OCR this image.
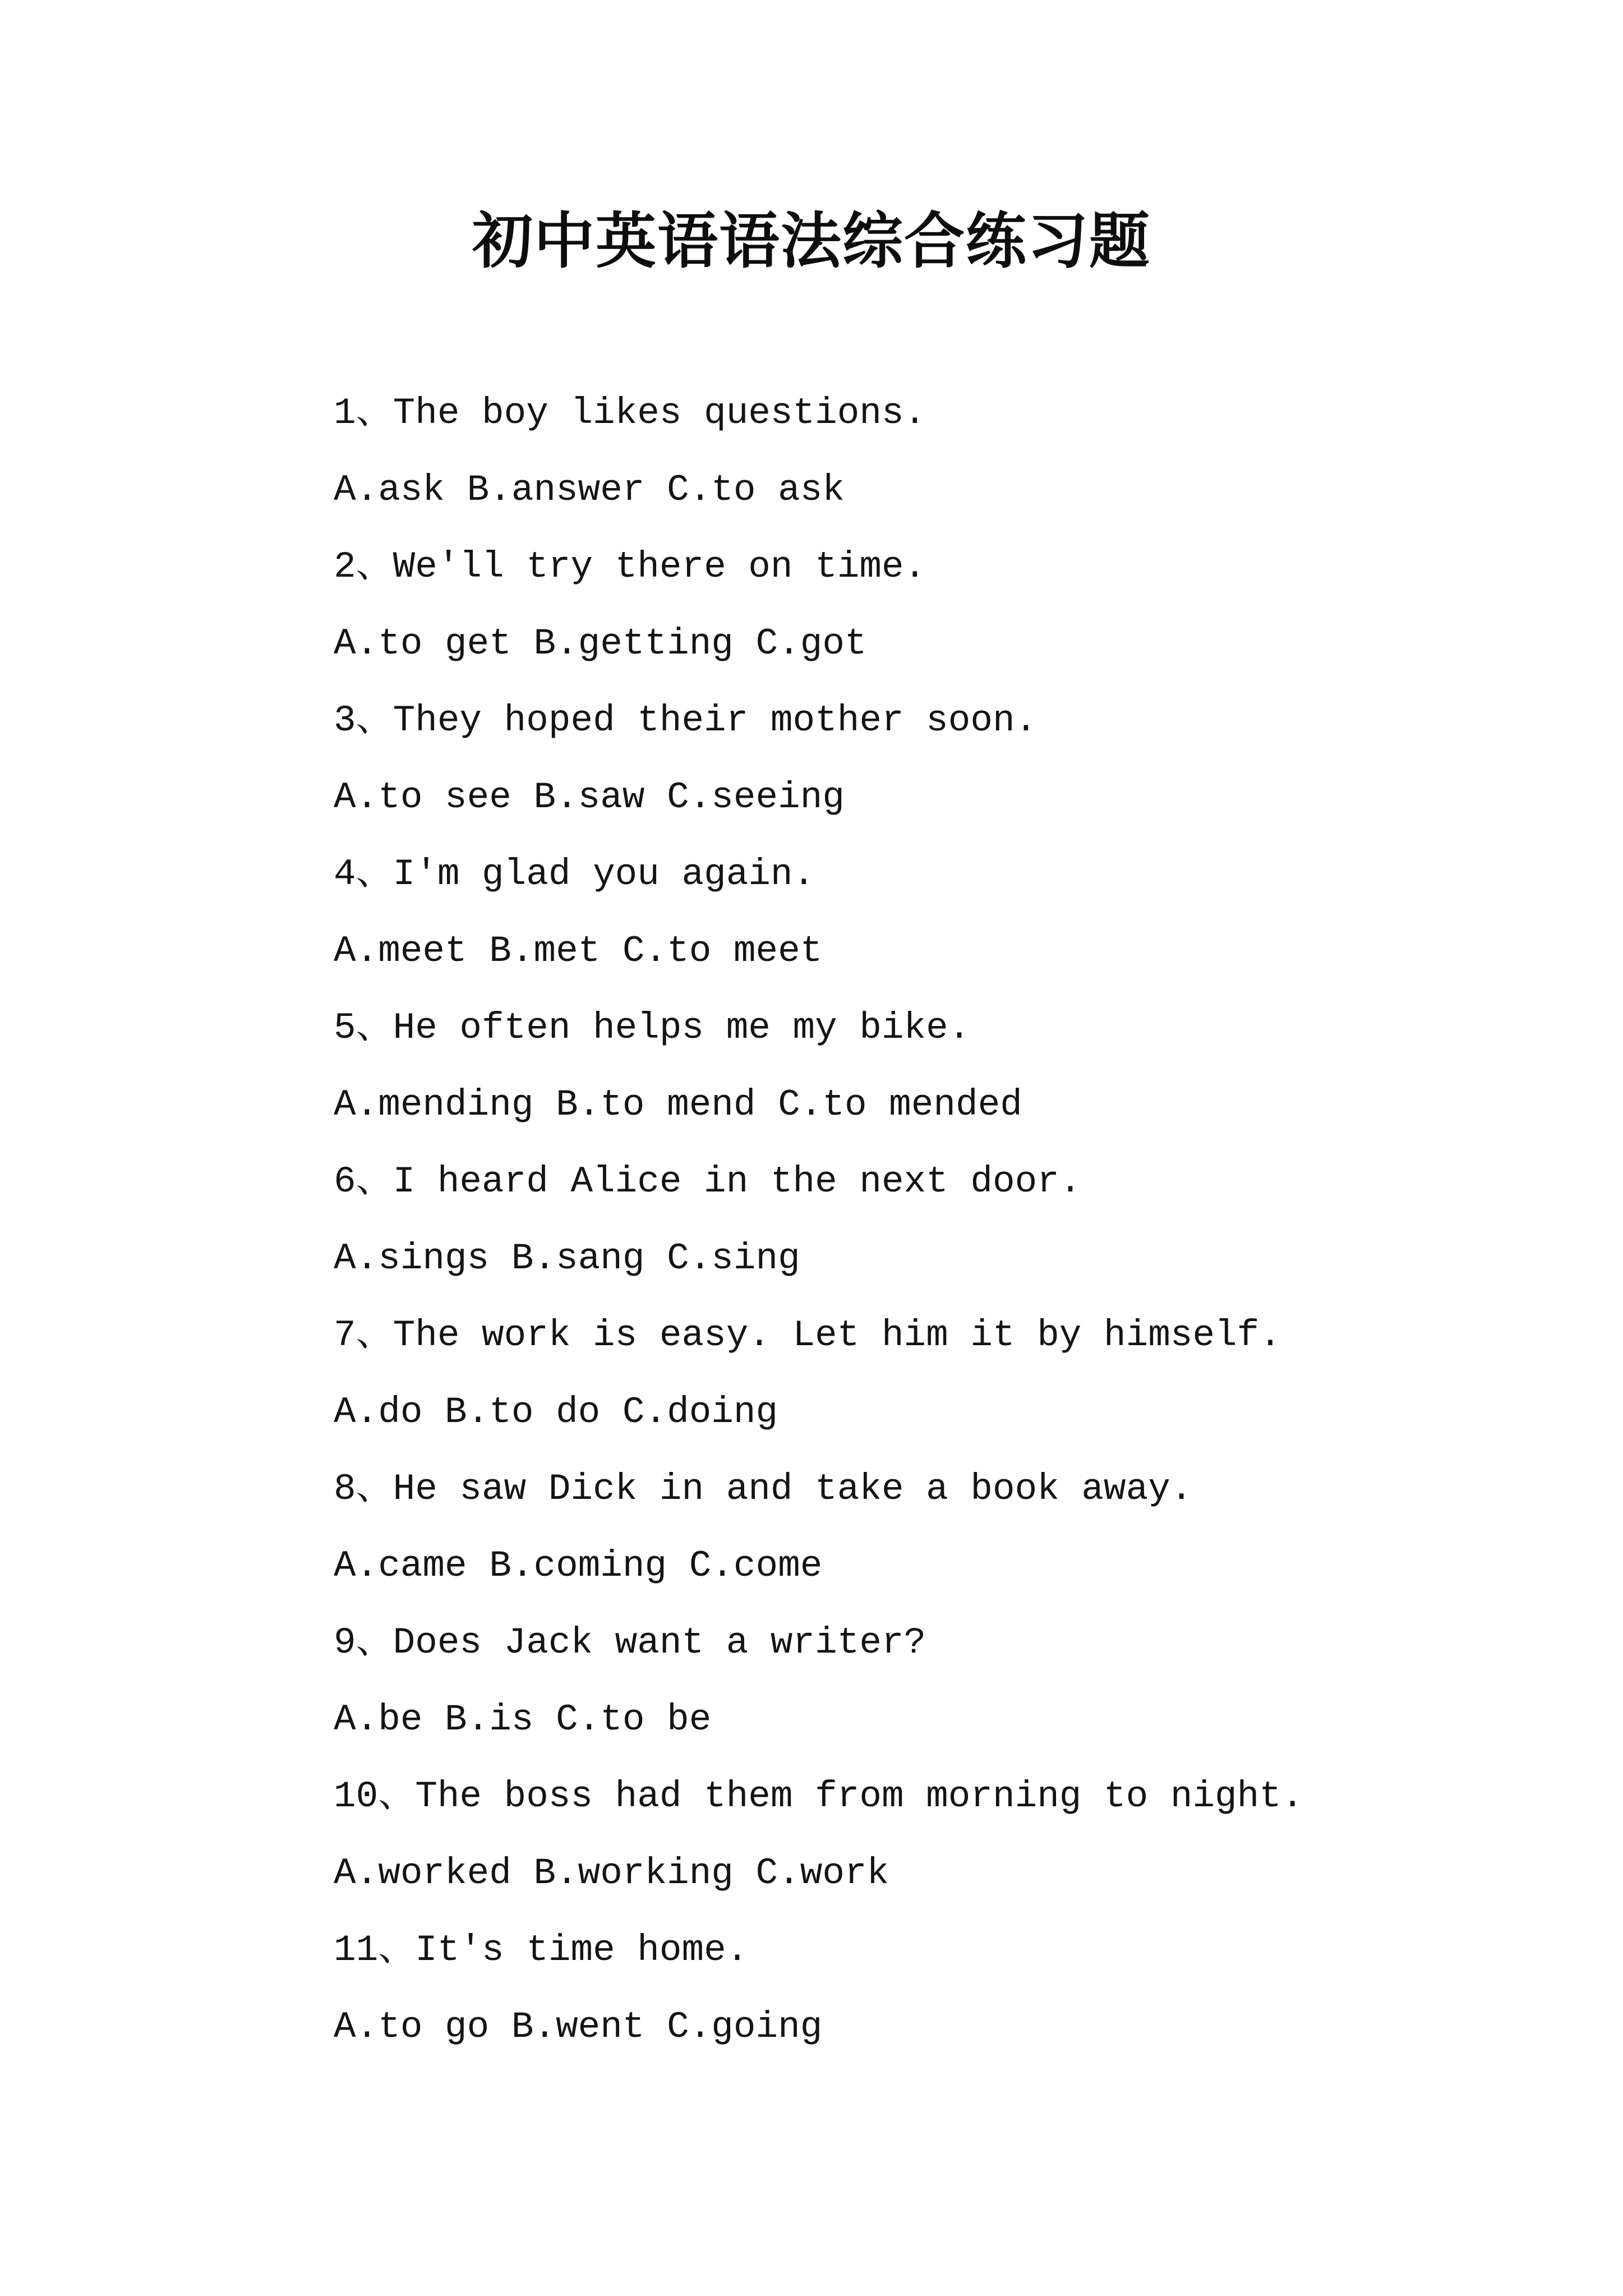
初中英语语法综合练习题
1、The boy likes questions.
A.ask B.answer C.to ask
2、We'll try there on time.
A.to get B.getting C.got
3、They hoped their mother soon.
A.to see B.saw C.seeing
4、I'm glad you again.
A.meet B.met C.to meet
5、He often helps me my bike.
A.mending B.to mend C.to mended
6、I heard Alice in the next door.
A.sings B.sang C.sing
7、The work is easy. Let him it by himself.
A.do B.to do C.doing
8、He saw Dick in and take a book away.
A.came B.coming C.come
9、Does Jack want a writer?
A.be B.is C.to be
10、The boss had them from morning to night.
A.worked B.working C.work
11、It's time home.
A.to go B.went C.going
